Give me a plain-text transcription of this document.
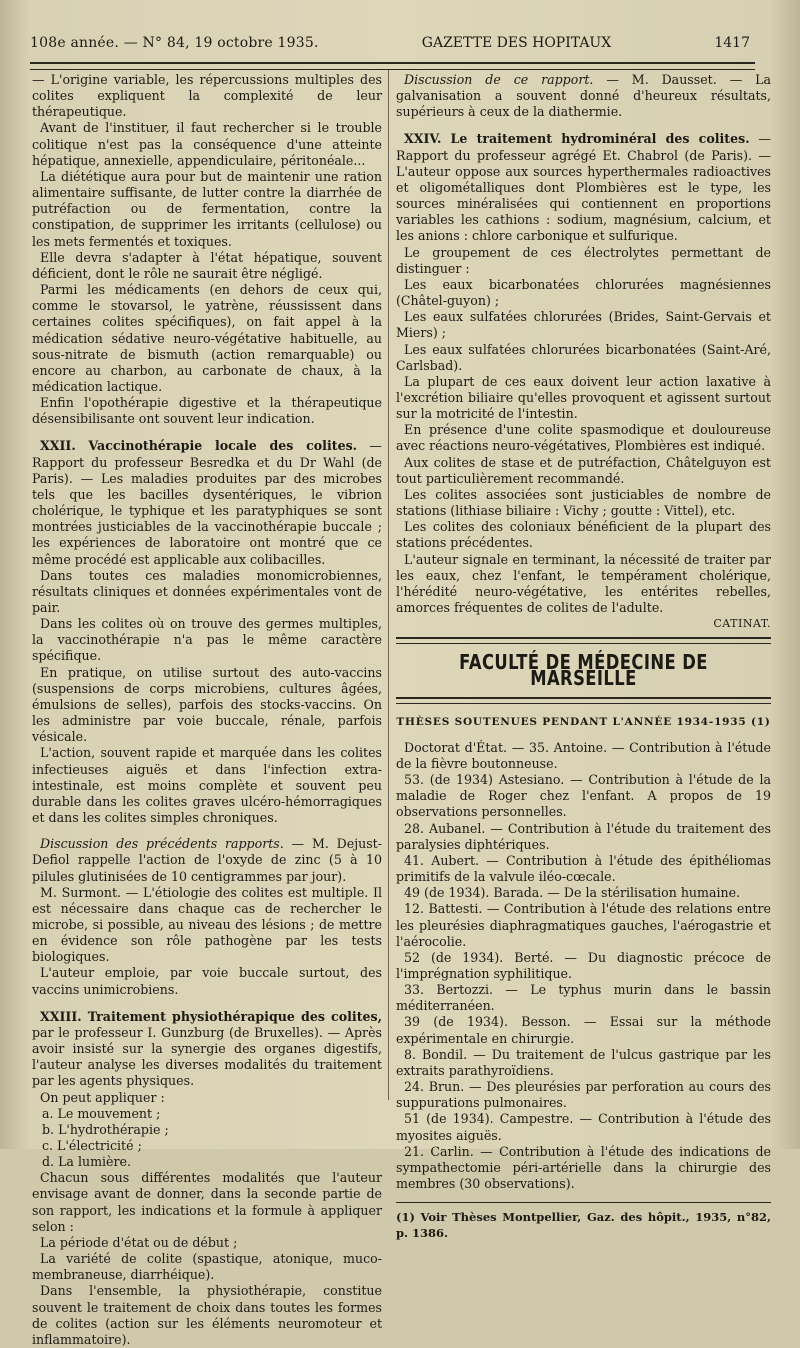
108e année. — N° 84, 19 octobre 1935.	GAZETTE DES HOPITAUX	1417

— L'origine variable, les répercussions multiples des colites expliquent la complexité de leur thérapeutique.

Avant de l'instituer, il faut rechercher si le trouble colitique n'est pas la conséquence d'une atteinte hépatique, annexielle, appendiculaire, péritonéale...

La diététique aura pour but de maintenir une ration alimentaire suffisante, de lutter contre la diarrhée de putréfaction ou de fermentation, contre la constipation, de supprimer les irritants (cellulose) ou les mets fermentés et toxiques.

Elle devra s'adapter à l'état hépatique, souvent déficient, dont le rôle ne saurait être négligé.

Parmi les médicaments (en dehors de ceux qui, comme le stovarsol, le yatrène, réussissent dans certaines colites spécifiques), on fait appel à la médication sédative neuro-végétative habituelle, au sous-nitrate de bismuth (action remarquable) ou encore au charbon, au carbonate de chaux, à la médication lactique.

Enfin l'opothérapie digestive et la thérapeutique désensibilisante ont souvent leur indication.

XXII. Vaccinothérapie locale des colites. — Rapport du professeur Besredka et du Dr Wahl (de Paris). — Les maladies produites par des microbes tels que les bacilles dysentériques, le vibrion cholérique, le typhique et les paratyphiques se sont montrées justiciables de la vaccinothérapie buccale ; les expériences de laboratoire ont montré que ce même procédé est applicable aux colibacilles.

Dans toutes ces maladies monomicrobiennes, résultats cliniques et données expérimentales vont de pair.

Dans les colites où on trouve des germes multiples, la vaccinothérapie n'a pas le même caractère spécifique.

En pratique, on utilise surtout des auto-vaccins (suspensions de corps microbiens, cultures âgées, émulsions de selles), parfois des stocks-vaccins. On les administre par voie buccale, rénale, parfois vésicale.

L'action, souvent rapide et marquée dans les colites infectieuses aiguës et dans l'infection extra-intestinale, est moins complète et souvent peu durable dans les colites graves ulcéro-hémorragiques et dans les colites simples chroniques.

Discussion des précédents rapports. — M. Dejust-Defiol rappelle l'action de l'oxyde de zinc (5 à 10 pilules glutinisées de 10 centigrammes par jour).

M. Surmont. — L'étiologie des colites est multiple. Il est nécessaire dans chaque cas de rechercher le microbe, si possible, au niveau des lésions ; de mettre en évidence son rôle pathogène par les tests biologiques.

L'auteur emploie, par voie buccale surtout, des vaccins unimicrobiens.

XXIII. Traitement physiothérapique des colites, par le professeur I. Gunzburg (de Bruxelles). — Après avoir insisté sur la synergie des organes digestifs, l'auteur analyse les diverses modalités du traitement par les agents physiques.

On peut appliquer :

a. Le mouvement ;
b. L'hydrothérapie ;
c. L'électricité ;
d. La lumière.

Chacun sous différentes modalités que l'auteur envisage avant de donner, dans la seconde partie de son rapport, les indications et la formule à appliquer selon :

La période d'état ou de début ;

La variété de colite (spastique, atonique, muco-membraneuse, diarrhéique).

Dans l'ensemble, la physiothérapie, constitue souvent le traitement de choix dans toutes les formes de colites (action sur les éléments neuromoteur et inflammatoire).

Discussion de ce rapport. — M. Dausset. — La galvanisation a souvent donné d'heureux résultats, supérieurs à ceux de la diathermie.

XXIV. Le traitement hydrominéral des colites. — Rapport du professeur agrégé Et. Chabrol (de Paris). — L'auteur oppose aux sources hyperthermales radioactives et oligométalliques dont Plombières est le type, les sources minéralisées qui contiennent en proportions variables les cathions : sodium, magnésium, calcium, et les anions : chlore carbonique et sulfurique.

Le groupement de ces électrolytes permettant de distinguer :

Les eaux bicarbonatées chlorurées magnésiennes (Châtel-guyon) ;

Les eaux sulfatées chlorurées (Brides, Saint-Gervais et Miers) ;

Les eaux sulfatées chlorurées bicarbonatées (Saint-Aré, Carlsbad).

La plupart de ces eaux doivent leur action laxative à l'excrétion biliaire qu'elles provoquent et agissent surtout sur la motricité de l'intestin.

En présence d'une colite spasmodique et douloureuse avec réactions neuro-végétatives, Plombières est indiqué.

Aux colites de stase et de putréfaction, Châtelguyon est tout particulièrement recommandé.

Les colites associées sont justiciables de nombre de stations (lithiase biliaire : Vichy ; goutte : Vittel), etc.

Les colites des coloniaux bénéficient de la plupart des stations précédentes.

L'auteur signale en terminant, la nécessité de traiter par les eaux, chez l'enfant, le tempérament cholérique, l'hérédité neuro-végétative, les entérites rebelles, amorces fréquentes de colites de l'adulte.

CATINAT.
FACULTÉ DE MÉDECINE DE MARSEILLE
THÈSES SOUTENUES PENDANT L'ANNÉE 1934-1935 (1)

Doctorat d'État. — 35. Antoine. — Contribution à l'étude de la fièvre boutonneuse.

53. (de 1934) Astesiano. — Contribution à l'étude de la maladie de Roger chez l'enfant. A propos de 19 observations personnelles.

28. Aubanel. — Contribution à l'étude du traitement des paralysies diphtériques.

41. Aubert. — Contribution à l'étude des épithéliomas primitifs de la valvule iléo-cœcale.

49 (de 1934). Barada. — De la stérilisation humaine.

12. Battesti. — Contribution à l'étude des relations entre les pleurésies diaphragmatiques gauches, l'aérogastrie et l'aérocolie.

52 (de 1934). Berté. — Du diagnostic précoce de l'imprégnation syphilitique.

33. Bertozzi. — Le typhus murin dans le bassin méditerranéen.

39 (de 1934). Besson. — Essai sur la méthode expérimentale en chirurgie.

8. Bondil. — Du traitement de l'ulcus gastrique par les extraits parathyroïdiens.

24. Brun. — Des pleurésies par perforation au cours des suppurations pulmonaires.

51 (de 1934). Campestre. — Contribution à l'étude des myosites aiguës.

21. Carlin. — Contribution à l'étude des indications de sympathectomie péri-artérielle dans la chirurgie des membres (30 observations).

(1) Voir Thèses Montpellier, Gaz. des hôpit., 1935, n°82, p. 1386.
